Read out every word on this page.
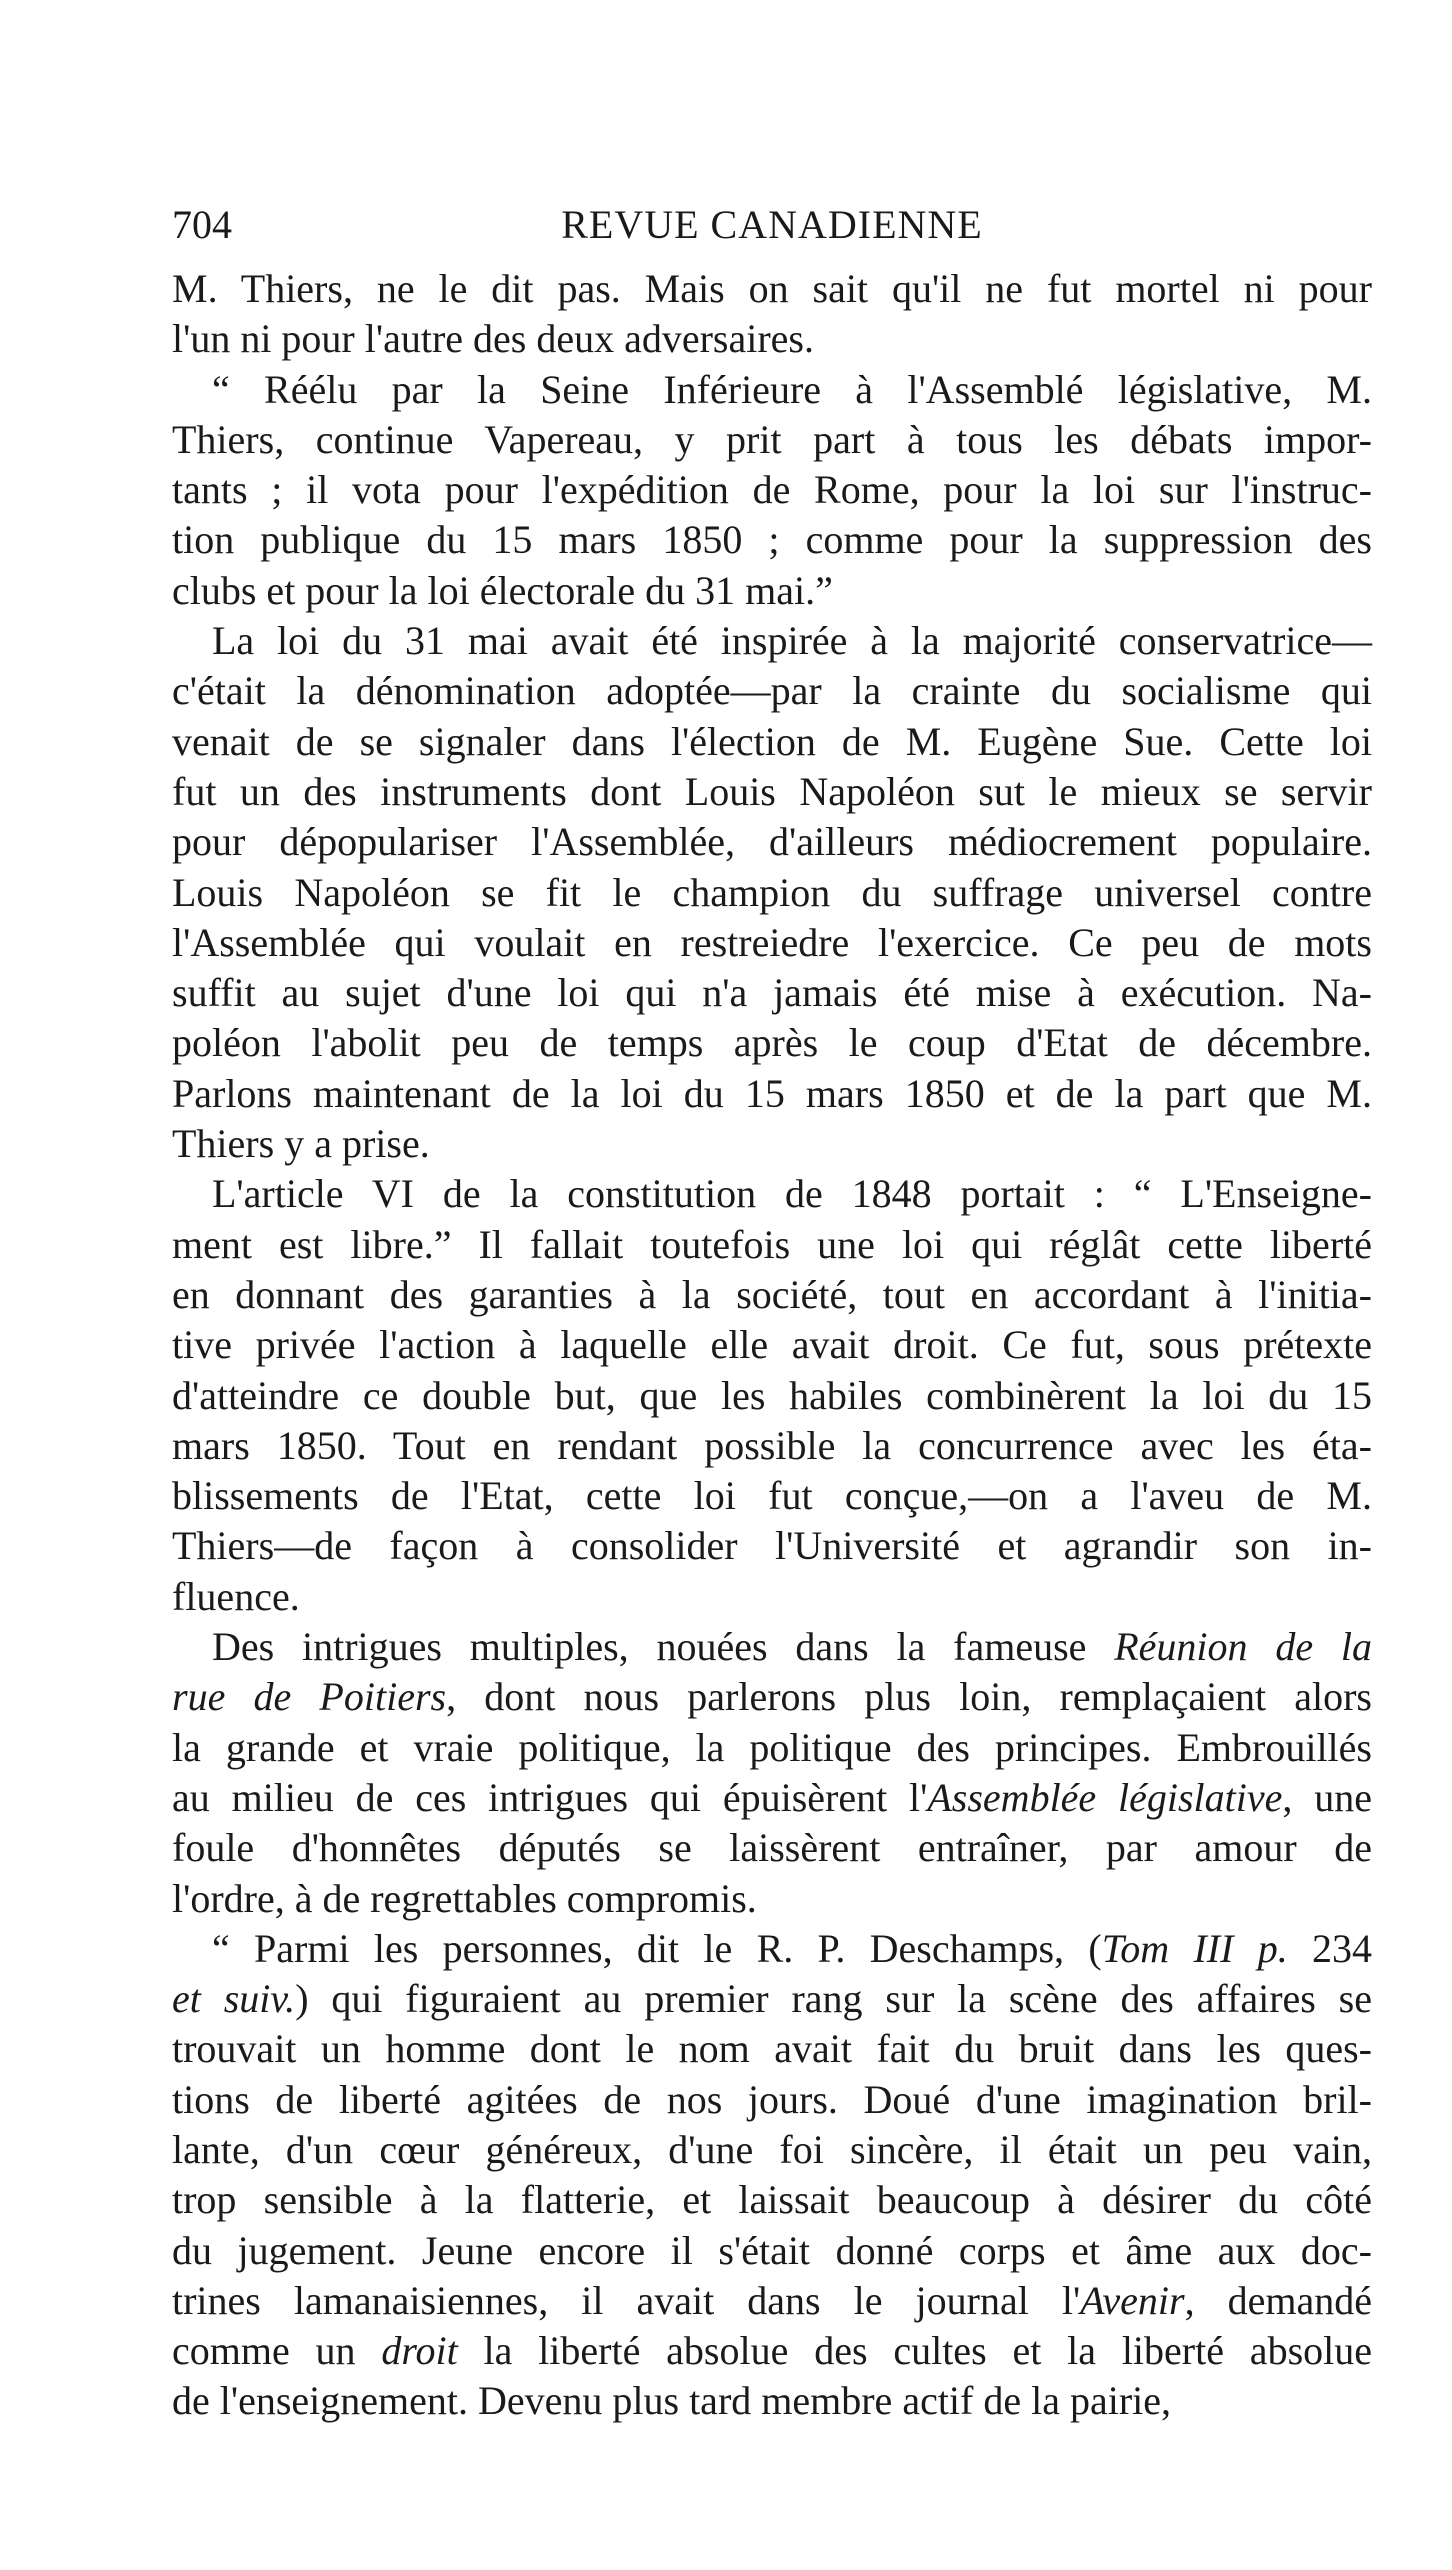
704	REVUE CANADIENNE
M. Thiers, ne le dit pas. Mais on sait qu'il ne fut mortel ni pour
l'un ni pour l'autre des deux adversaires.
“ Réélu par la Seine Inférieure à l'Assemblé législative, M.
Thiers, continue Vapereau, y prit part à tous les débats impor-
tants ; il vota pour l'expédition de Rome, pour la loi sur l'instruc-
tion publique du 15 mars 1850 ; comme pour la suppression des
clubs et pour la loi électorale du 31 mai.”
La loi du 31 mai avait été inspirée à la majorité conservatrice—
c'était la dénomination adoptée—par la crainte du socialisme qui
venait de se signaler dans l'élection de M. Eugène Sue. Cette loi
fut un des instruments dont Louis Napoléon sut le mieux se servir
pour dépopulariser l'Assemblée, d'ailleurs médiocrement populaire.
Louis Napoléon se fit le champion du suffrage universel contre
l'Assemblée qui voulait en restreiedre l'exercice. Ce peu de mots
suffit au sujet d'une loi qui n'a jamais été mise à exécution. Na-
poléon l'abolit peu de temps après le coup d'Etat de décembre.
Parlons maintenant de la loi du 15 mars 1850 et de la part que M.
Thiers y a prise.
L'article VI de la constitution de 1848 portait : “ L'Enseigne-
ment est libre.” Il fallait toutefois une loi qui réglât cette liberté
en donnant des garanties à la société, tout en accordant à l'initia-
tive privée l'action à laquelle elle avait droit. Ce fut, sous prétexte
d'atteindre ce double but, que les habiles combinèrent la loi du 15
mars 1850. Tout en rendant possible la concurrence avec les éta-
blissements de l'Etat, cette loi fut conçue,—on a l'aveu de M.
Thiers—de façon à consolider l'Université et agrandir son in-
fluence.
Des intrigues multiples, nouées dans la fameuse Réunion de la
rue de Poitiers, dont nous parlerons plus loin, remplaçaient alors
la grande et vraie politique, la politique des principes. Embrouillés
au milieu de ces intrigues qui épuisèrent l'Assemblée législative, une
foule d'honnêtes députés se laissèrent entraîner, par amour de
l'ordre, à de regrettables compromis.
“ Parmi les personnes, dit le R. P. Deschamps, (Tom III p. 234
et suiv.) qui figuraient au premier rang sur la scène des affaires se
trouvait un homme dont le nom avait fait du bruit dans les ques-
tions de liberté agitées de nos jours. Doué d'une imagination bril-
lante, d'un cœur généreux, d'une foi sincère, il était un peu vain,
trop sensible à la flatterie, et laissait beaucoup à désirer du côté
du jugement. Jeune encore il s'était donné corps et âme aux doc-
trines lamanaisiennes, il avait dans le journal l'Avenir, demandé
comme un droit la liberté absolue des cultes et la liberté absolue
de l'enseignement. Devenu plus tard membre actif de la pairie,
